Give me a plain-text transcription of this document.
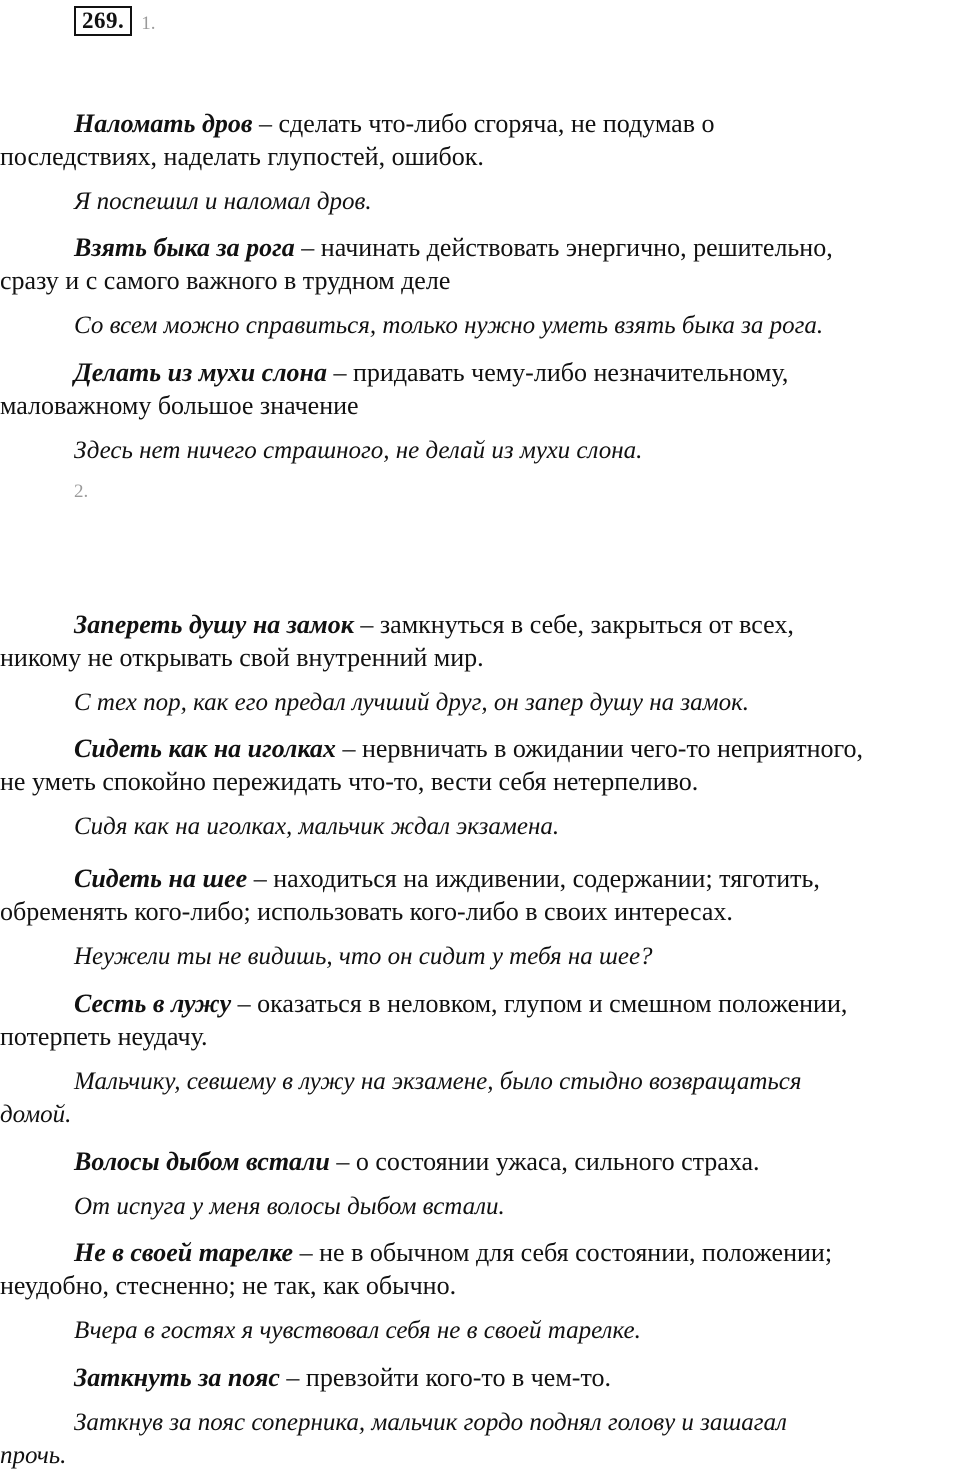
269. 1.

Наломать дров – сделать что-либо сгоряча, не подумав о
последствиях, наделать глупостей, ошибок.

Я поспешил и наломал дров.

Взять быка за рога – начинать действовать энергично, решительно,
сразу и с самого важного в трудном деле

Со всем можно справиться, только нужно уметь взять быка за рога.

Делать из мухи слона – придавать чему-либо незначительному,
маловажному большое значение

Здесь нет ничего страшного, не делай из мухи слона.

2.

Запереть душу на замок – замкнуться в себе, закрыться от всех,
никому не открывать свой внутренний мир.

С тех пор, как его предал лучший друг, он запер душу на замок.

Сидеть как на иголках – нервничать в ожидании чего-то неприятного,
не уметь спокойно пережидать что-то, вести себя нетерпеливо.

Сидя как на иголках, мальчик ждал экзамена.

Сидеть на шее – находиться на иждивении, содержании; тяготить,
обременять кого-либо; использовать кого-либо в своих интересах.

Неужели ты не видишь, что он сидит у тебя на шее?

Сесть в лужу – оказаться в неловком, глупом и смешном положении,
потерпеть неудачу.

Мальчику, севшему в лужу на экзамене, было стыдно возвращаться
домой.

Волосы дыбом встали – о состоянии ужаса, сильного страха.

От испуга у меня волосы дыбом встали.

Не в своей тарелке – не в обычном для себя состоянии, положении;
неудобно, стесненно; не так, как обычно.

Вчера в гостях я чувствовал себя не в своей тарелке.

Заткнуть за пояс – превзойти кого-то в чем-то.

Заткнув за пояс соперника, мальчик гордо поднял голову и зашагал
прочь.
